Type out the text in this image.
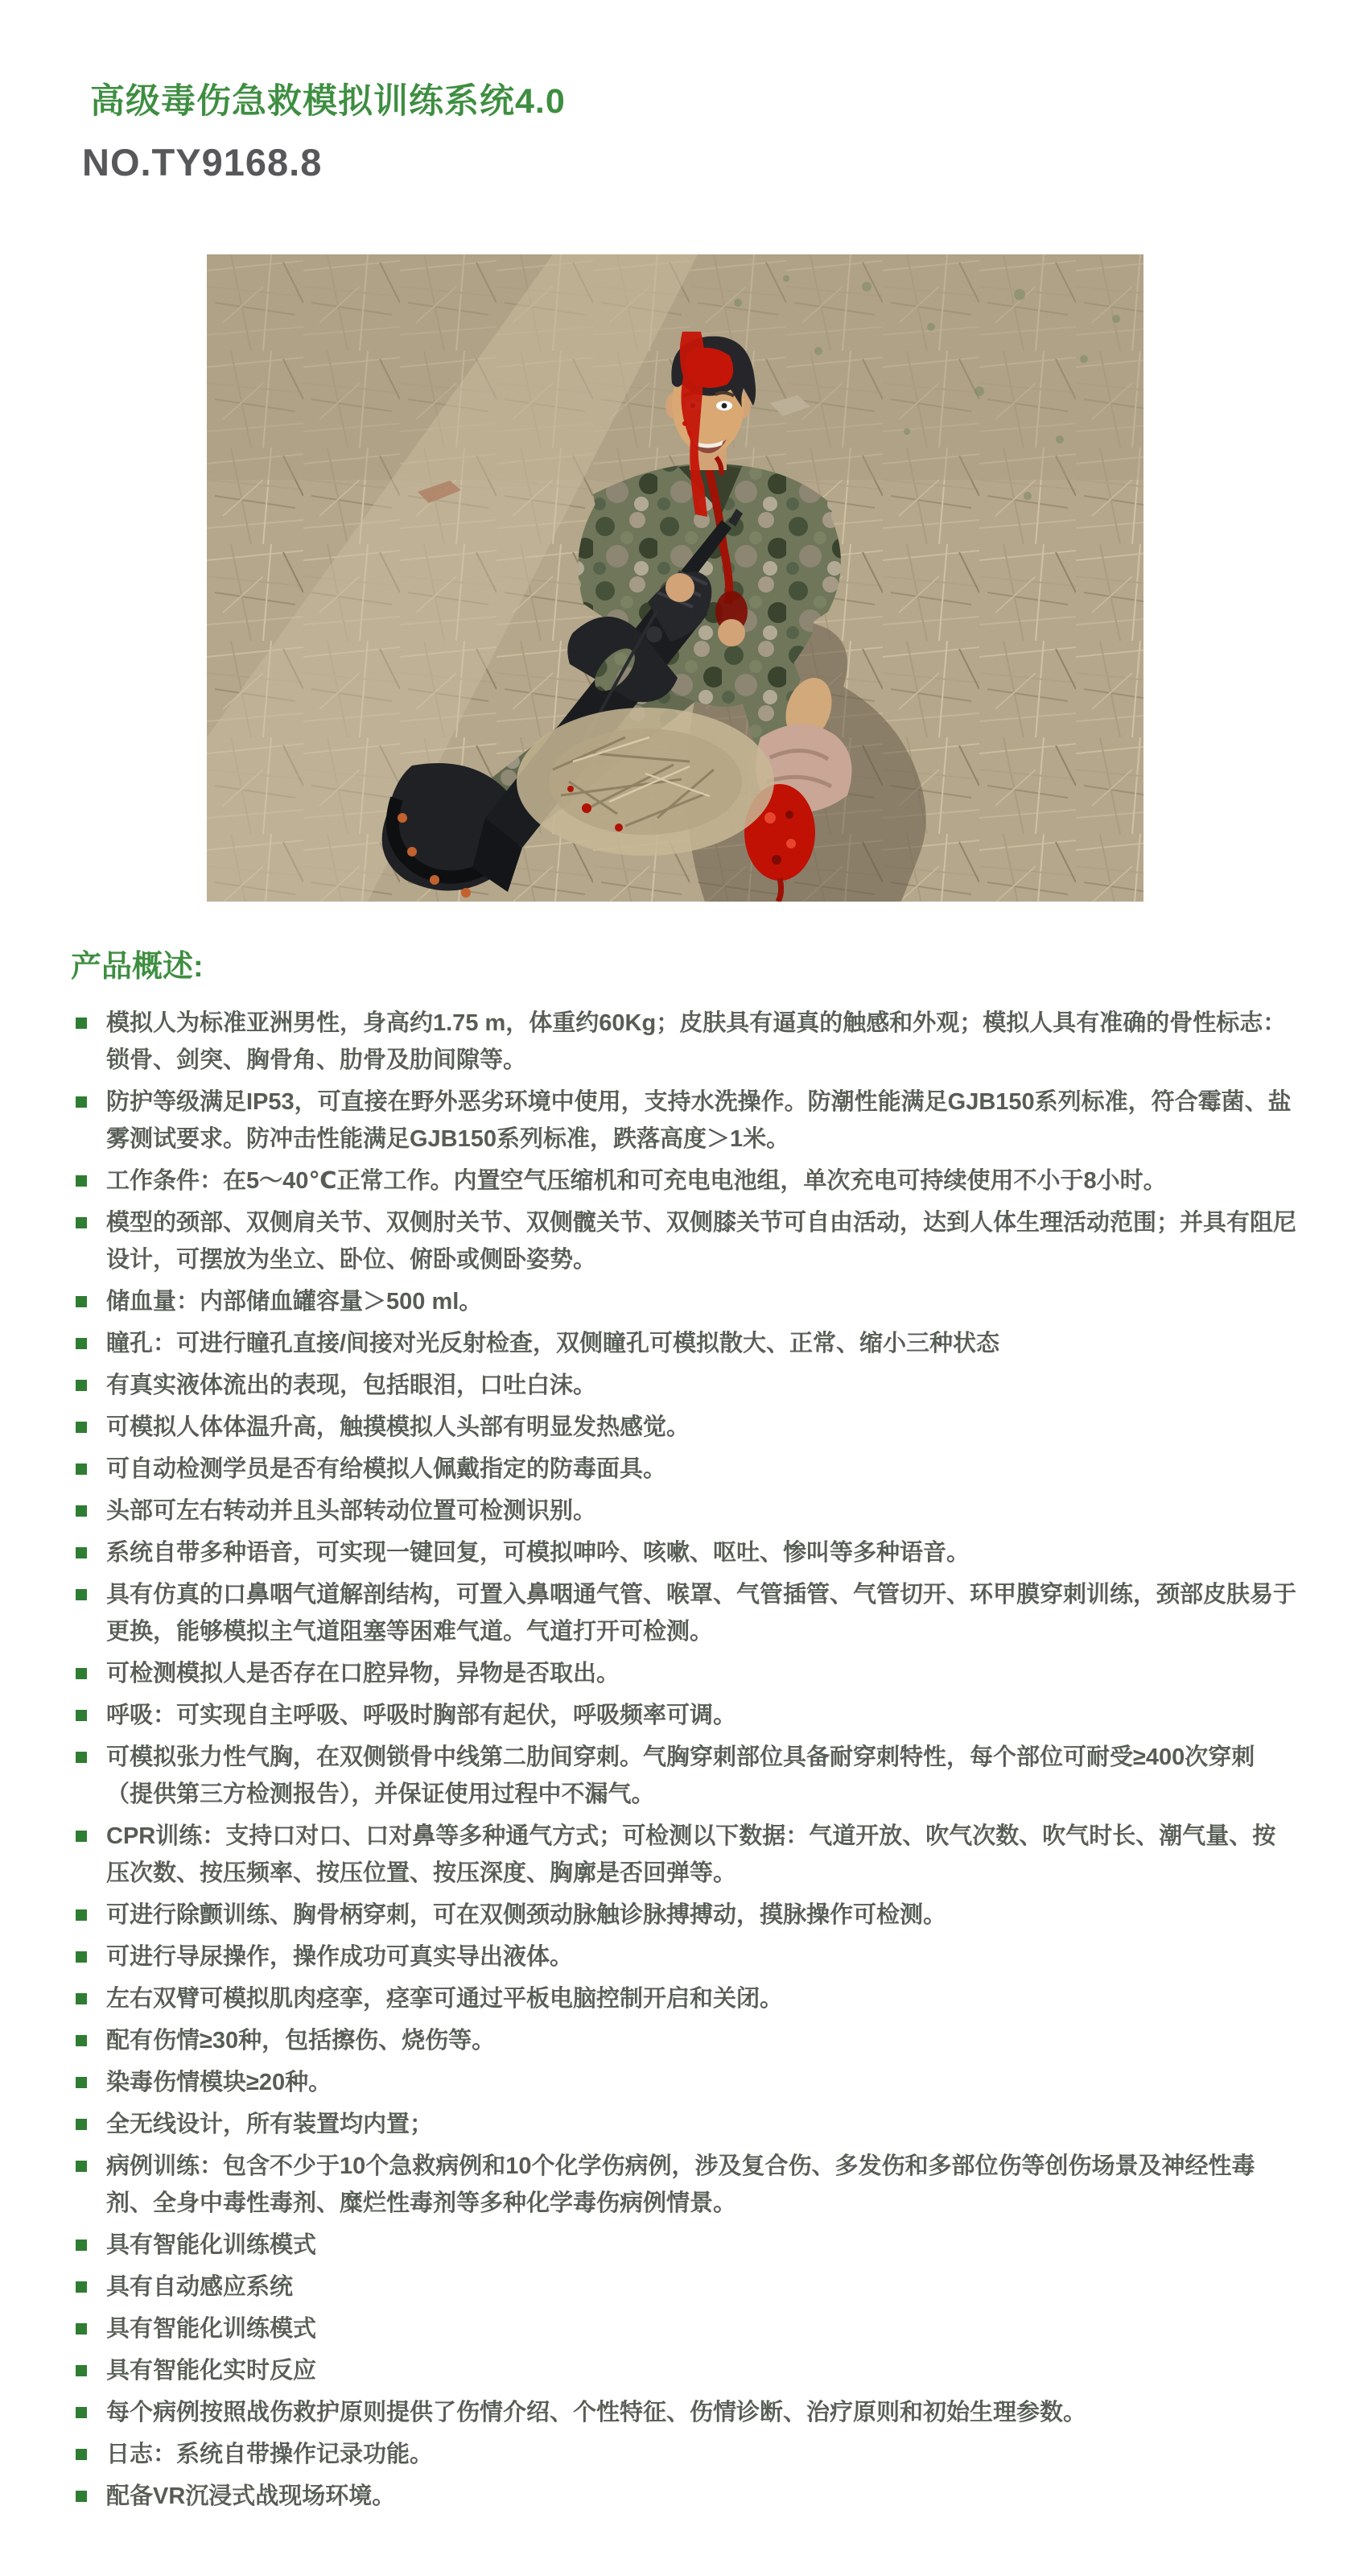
高级毒伤急救模拟训练系统4.0
NO.TY9168.8
产品概述:
模拟人为标准亚洲男性，身高约1.75 m，体重约60Kg；皮肤具有逼真的触感和外观；模拟人具有准确的骨性标志：锁骨、剑突、胸骨角、肋骨及肋间隙等。
防护等级满足IP53，可直接在野外恶劣环境中使用，支持水洗操作。防潮性能满足GJB150系列标准，符合霉菌、盐雾测试要求。防冲击性能满足GJB150系列标准，跌落高度＞1米。
工作条件：在5～40℃正常工作。内置空气压缩机和可充电电池组，单次充电可持续使用不小于8小时。
模型的颈部、双侧肩关节、双侧肘关节、双侧髋关节、双侧膝关节可自由活动，达到人体生理活动范围；并具有阻尼设计，可摆放为坐立、卧位、俯卧或侧卧姿势。
储血量：内部储血罐容量＞500 ml。
瞳孔：可进行瞳孔直接/间接对光反射检查，双侧瞳孔可模拟散大、正常、缩小三种状态
有真实液体流出的表现，包括眼泪，口吐白沫。
可模拟人体体温升高，触摸模拟人头部有明显发热感觉。
可自动检测学员是否有给模拟人佩戴指定的防毒面具。
头部可左右转动并且头部转动位置可检测识别。
系统自带多种语音，可实现一键回复，可模拟呻吟、咳嗽、呕吐、惨叫等多种语音。
具有仿真的口鼻咽气道解剖结构，可置入鼻咽通气管、喉罩、气管插管、气管切开、环甲膜穿刺训练，颈部皮肤易于更换，能够模拟主气道阻塞等困难气道。气道打开可检测。
可检测模拟人是否存在口腔异物，异物是否取出。
呼吸：可实现自主呼吸、呼吸时胸部有起伏，呼吸频率可调。
可模拟张力性气胸，在双侧锁骨中线第二肋间穿刺。气胸穿刺部位具备耐穿刺特性，每个部位可耐受≥400次穿刺（提供第三方检测报告），并保证使用过程中不漏气。
CPR训练：支持口对口、口对鼻等多种通气方式；可检测以下数据：气道开放、吹气次数、吹气时长、潮气量、按压次数、按压频率、按压位置、按压深度、胸廓是否回弹等。
可进行除颤训练、胸骨柄穿刺，可在双侧颈动脉触诊脉搏搏动，摸脉操作可检测。
可进行导尿操作，操作成功可真实导出液体。
左右双臂可模拟肌肉痉挛，痉挛可通过平板电脑控制开启和关闭。
配有伤情≥30种，包括擦伤、烧伤等。
染毒伤情模块≥20种。
全无线设计，所有装置均内置；
病例训练：包含不少于10个急救病例和10个化学伤病例，涉及复合伤、多发伤和多部位伤等创伤场景及神经性毒剂、全身中毒性毒剂、糜烂性毒剂等多种化学毒伤病例情景。
具有智能化训练模式
具有自动感应系统
具有智能化训练模式
具有智能化实时反应
每个病例按照战伤救护原则提供了伤情介绍、个性特征、伤情诊断、治疗原则和初始生理参数。
日志：系统自带操作记录功能。
配备VR沉浸式战现场环境。
